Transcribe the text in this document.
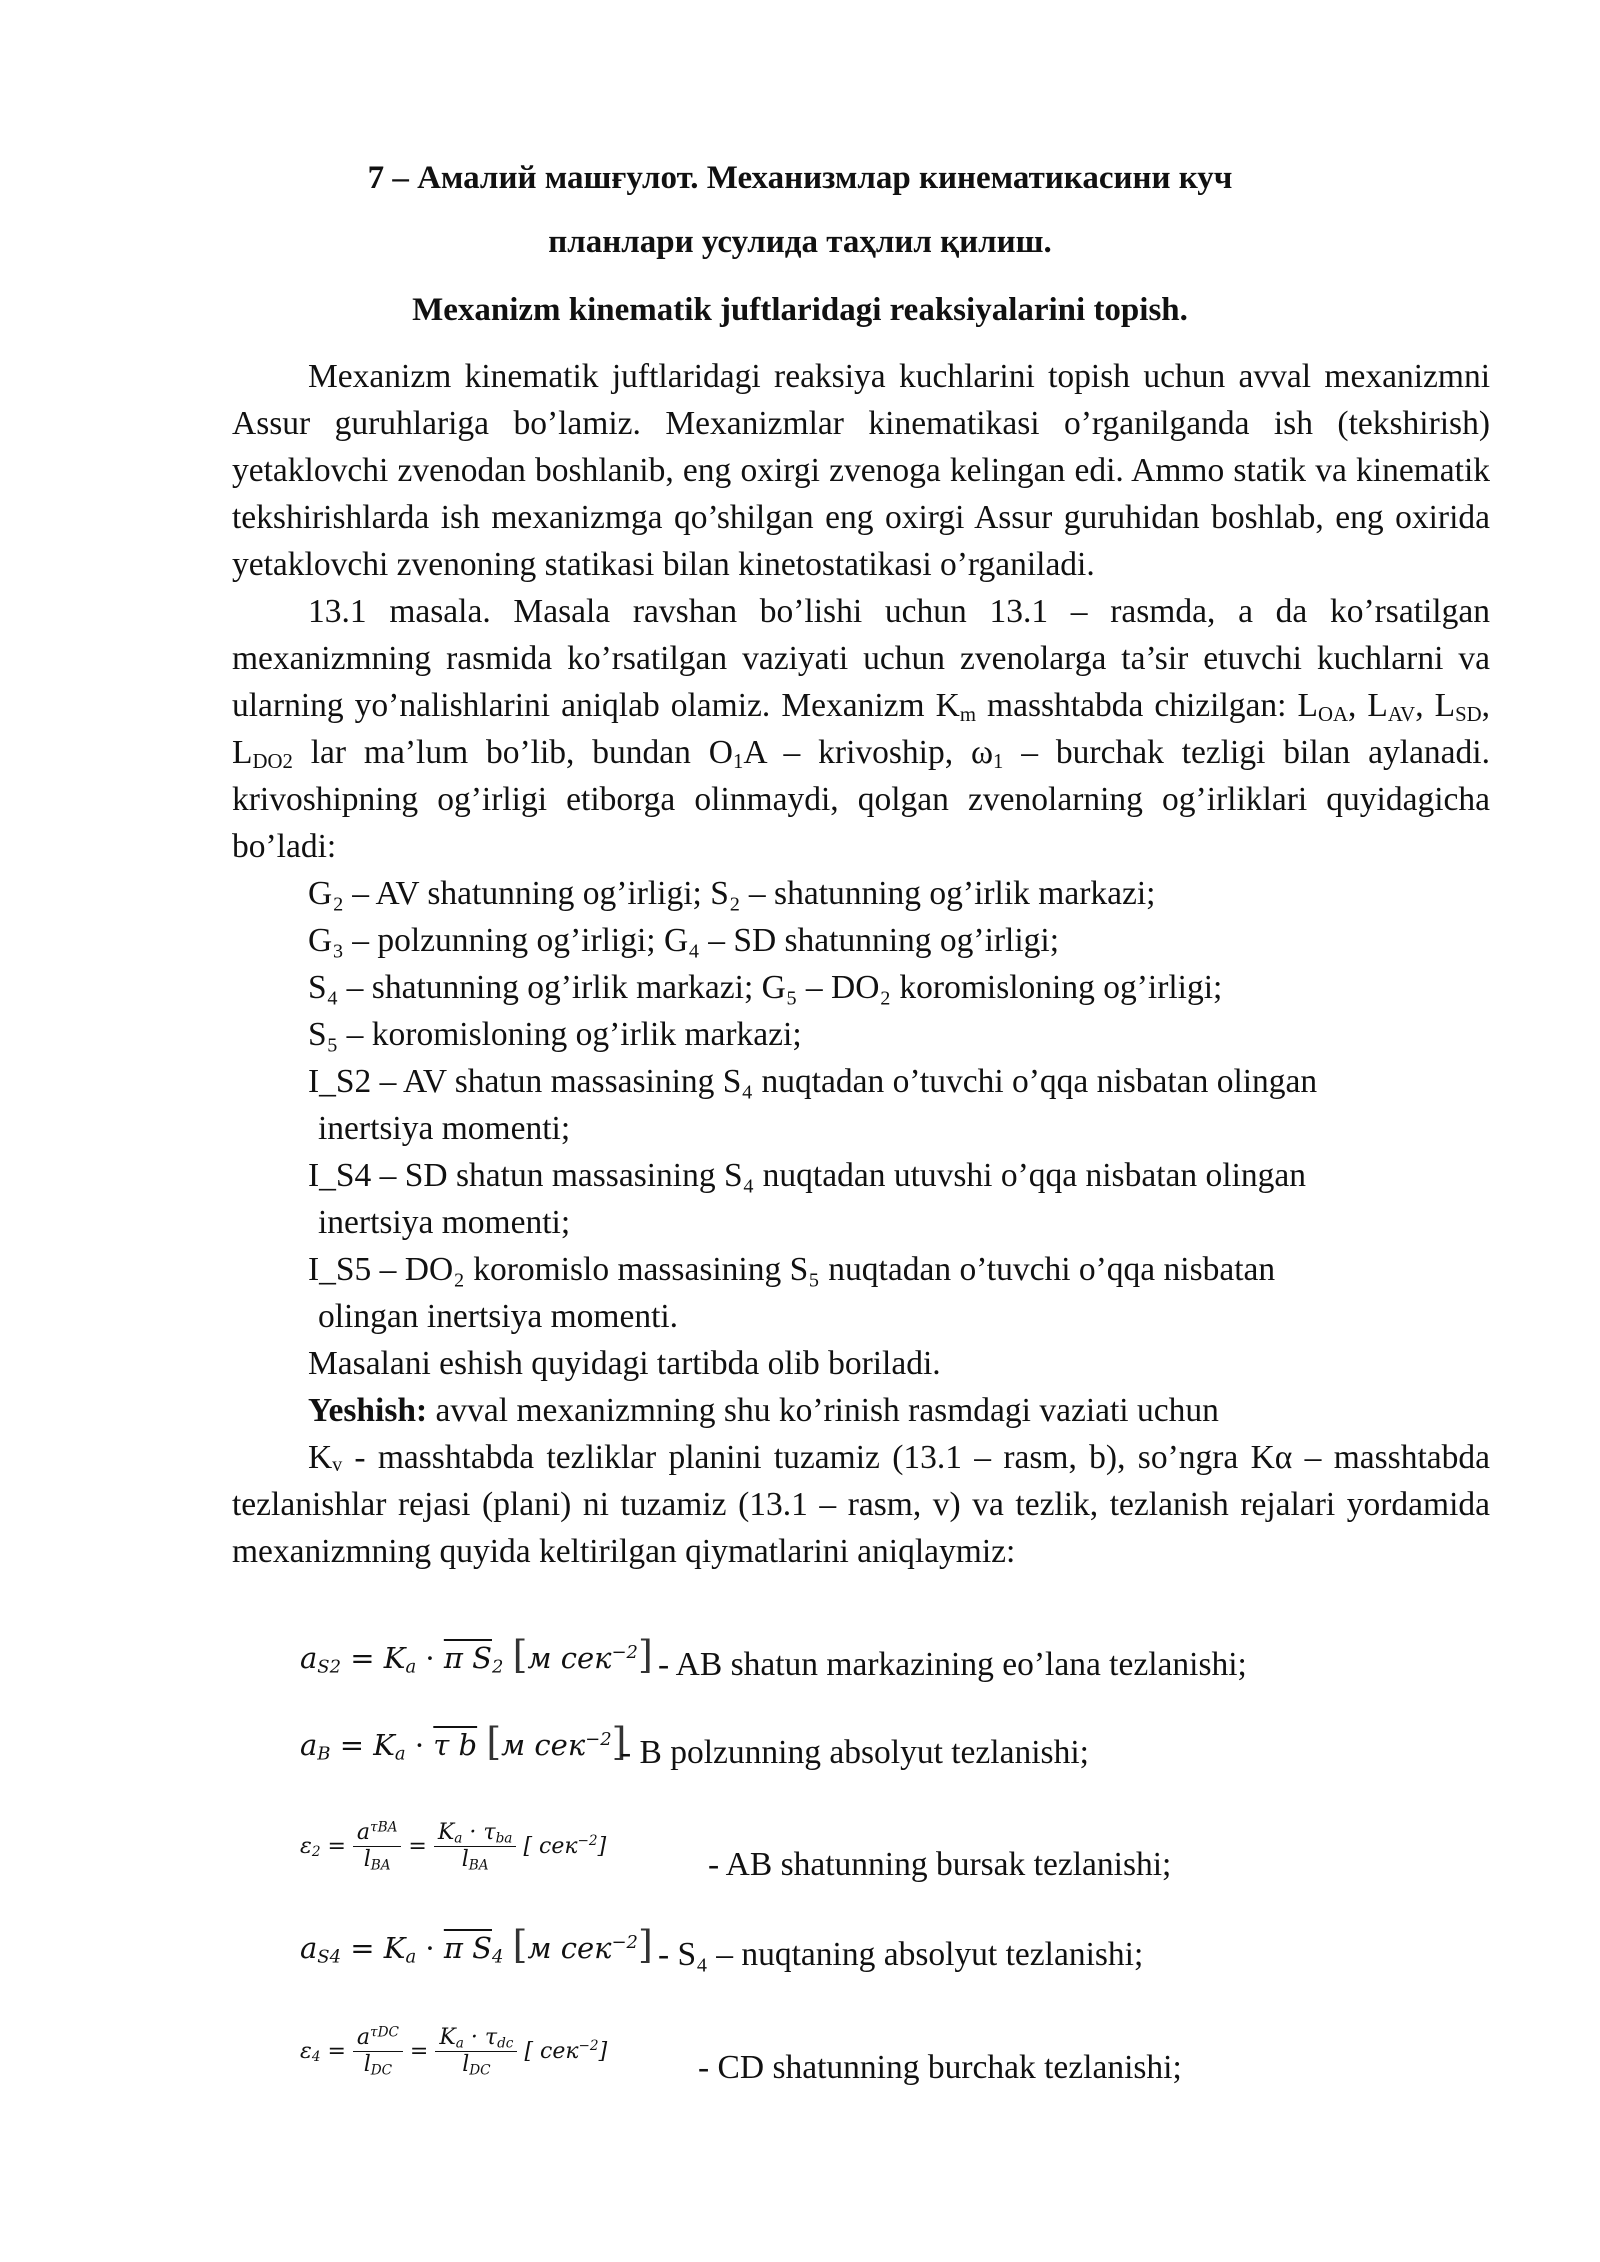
7 – Амалий машғулот. Механизмлар кинематикасини куч
планлари усулида таҳлил қилиш.
Mexanizm kinematik juftlaridagi reaksiyalarini topish.

Mexanizm kinematik juftlaridagi reaksiya kuchlarini topish uchun avval mexanizmni Assur guruhlariga bo’lamiz. Mexanizmlar kinematikasi o’rganilganda ish (tekshirish) yetaklovchi zvenodan boshlanib, eng oxirgi zvenoga kelingan edi. Ammo statik va kinematik tekshirishlarda ish mexanizmga qo’shilgan eng oxirgi Assur guruhidan boshlab, eng oxirida yetaklovchi zvenoning statikasi bilan kinetostatikasi o’rganiladi.

13.1 masala. Masala ravshan bo’lishi uchun 13.1 – rasmda, a da ko’rsatilgan mexanizmning rasmida ko’rsatilgan vaziyati uchun zvenolarga ta’sir etuvchi kuchlarni va ularning yo’nalishlarini aniqlab olamiz. Mexanizm $K_m$ masshtabda chizilgan: $L_{OA}$, $L_{AV}$, $L_{SD}$, $L_{DO2}$ lar ma’lum bo’lib, bundan $O_1A$ – krivoship, $\omega_1$ – burchak tezligi bilan aylanadi. krivoshipning og’irligi etiborga olinmaydi, qolgan zvenolarning og’irliklari quyidagicha bo’ladi:

G₂ – AV shatunning og’irligi; S₂ – shatunning og’irlik markazi;

G₃ – polzunning og’irligi; G₄ – SD shatunning og’irligi;

S₄ – shatunning og’irlik markazi; G₅ – DO₂ koromisloning og’irligi;

S₅ – koromisloning og’irlik markazi;

I_S2 – AV shatun massasining S₄ nuqtadan o’tuvchi o’qqa nisbatan olingan

inertsiya momenti;

I_S4 – SD shatun massasining S₄ nuqtadan utuvshi o’qqa nisbatan olingan

inertsiya momenti;

I_S5 – DO₂ koromislo massasining S₅ nuqtadan o’tuvchi o’qqa nisbatan

olingan inertsiya momenti.

Masalani eshish quyidagi tartibda olib boriladi.

Yeshish: avval mexanizmning shu ko’rinish rasmdagi vaziati uchun

Kᵥ - masshtabda tezliklar planini tuzamiz (13.1 – rasm, b), so’ngra Kα – masshtabda tezlanishlar rejasi (plani) ni tuzamiz (13.1 – rasm, v) va tezlik, tezlanish rejalari yordamida mexanizmning quyida keltirilgan qiymatlarini aniqlaymiz:

$a_{S2} = K_a \cdot \pi$ $S_2$ [м сек$^{-2}$] - AB shatun markazining eo’lana tezlanishi;
$a_B = K_a \cdot \tau$ b [м сек$^{-2}$]
- B polzunning absolyut tezlanishi;
$\varepsilon_2 = \frac{a^{\tau BA}}{l_{BA}} = \frac{K_a \cdot \tau_{ba}}{l_{BA}}$ [ сек$^{-2}$]	- AB shatunning bursak tezlanishi;
$a_{S4} = K_a \cdot \pi$ $S_4$ [м сек$^{-2}$] - S₄ – nuqtaning absolyut tezlanishi;
$\varepsilon_4 = \frac{a^{\tau DC}}{l_{DC}} = \frac{K_a \cdot \tau_{dc}}{l_{DC}}$ [ сек$^{-2}$]	- CD shatunning burchak tezlanishi;
